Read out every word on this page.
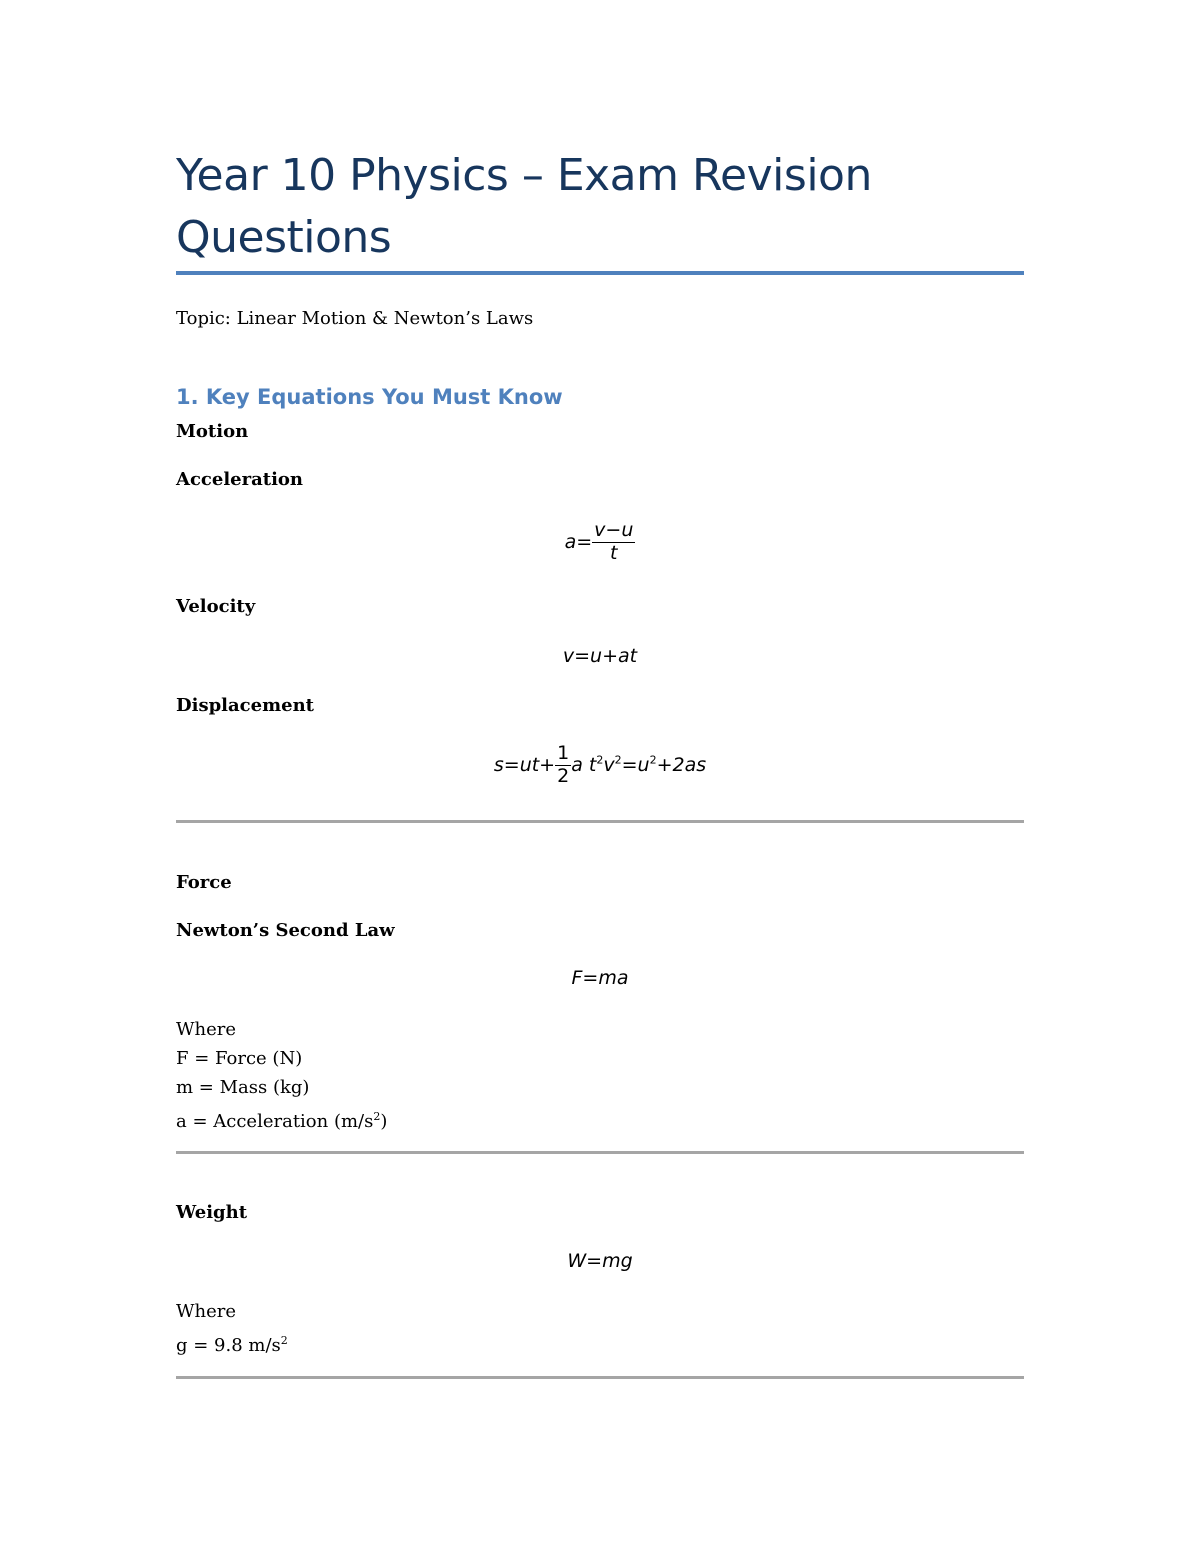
Year 10 Physics – Exam Revision Questions
Topic: Linear Motion & Newton’s Laws
1. Key Equations You Must Know
Motion
Acceleration
$a= \frac{v-u}{t}$
Velocity
v=u+at
Displacement
$s=ut+ \frac{1}{2}$ a $t^2v^2=u^2+2as$
Force
Newton’s Second Law
F=ma
Where
F = Force (N)
m = Mass (kg)
a = Acceleration $(m/s^2)$
Weight
W=mg
Where
g = 9.8 $m/s^2$
